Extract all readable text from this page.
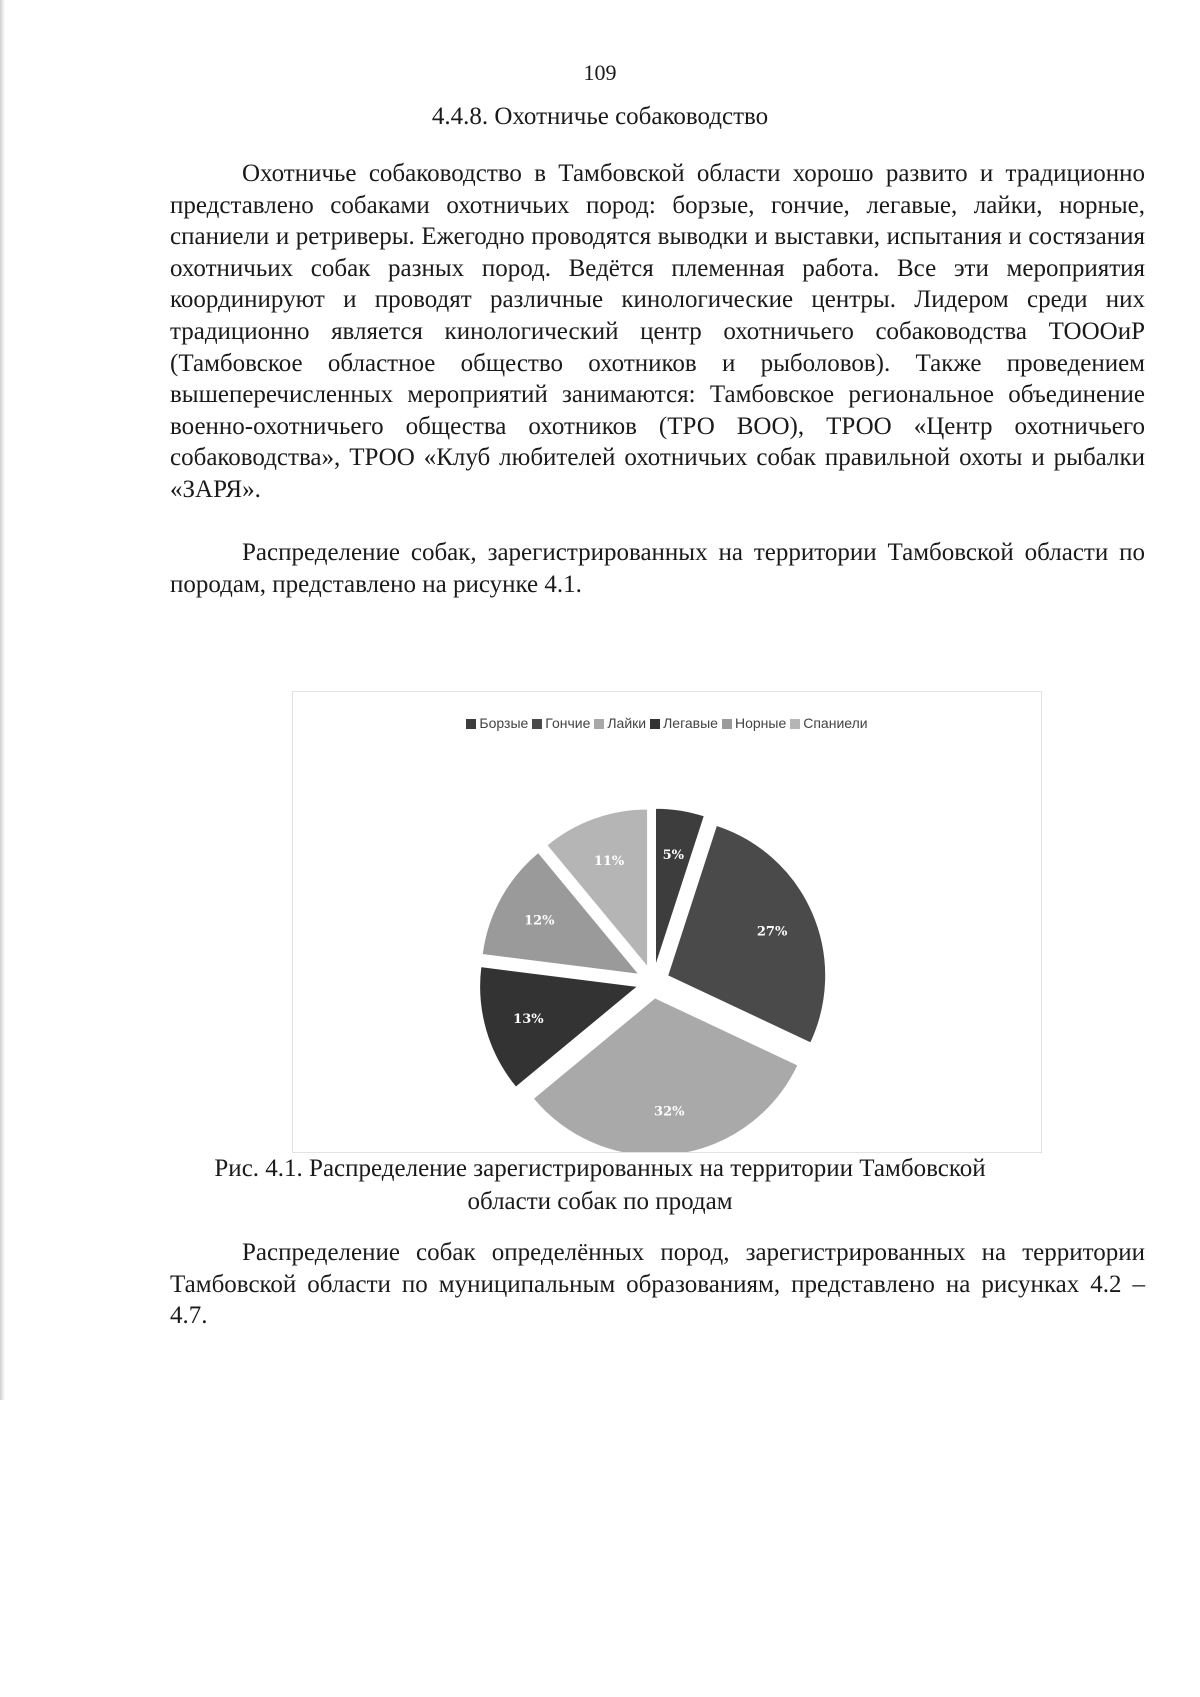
109
4.4.8. Охотничье собаководство

Охотничье собаководство в Тамбовской области хорошо развито и традиционно представлено собаками охотничьих пород: борзые, гончие, легавые, лайки, норные, спаниели и ретриверы. Ежегодно проводятся выводки и выставки, испытания и состязания охотничьих собак разных пород. Ведётся племенная работа. Все эти мероприятия координируют и проводят различные кинологические центры. Лидером среди них традиционно является кинологический центр охотничьего собаководства ТОООиР (Тамбовское областное общество охотников и рыболовов). Также проведением вышеперечисленных мероприятий занимаются: Тамбовское региональное объединение военно-охотничьего общества охотников (ТРО ВОО), ТРОО «Центр охотничьего собаководства», ТРОО «Клуб любителей охотничьих собак правильной охоты и рыбалки «ЗАРЯ».

Распределение собак, зарегистрированных на территории Тамбовской области по породам, представлено на рисунке 4.1.

Борзые Гончие Лайки Легавые Норные Спаниели
5%
27%
32%
13%
12%
11%
Рис. 4.1. Распределение зарегистрированных на территории Тамбовской
области собак по продам

Распределение собак определённых пород, зарегистрированных на территории Тамбовской области по муниципальным образованиям, представлено на рисунках 4.2 – 4.7.
